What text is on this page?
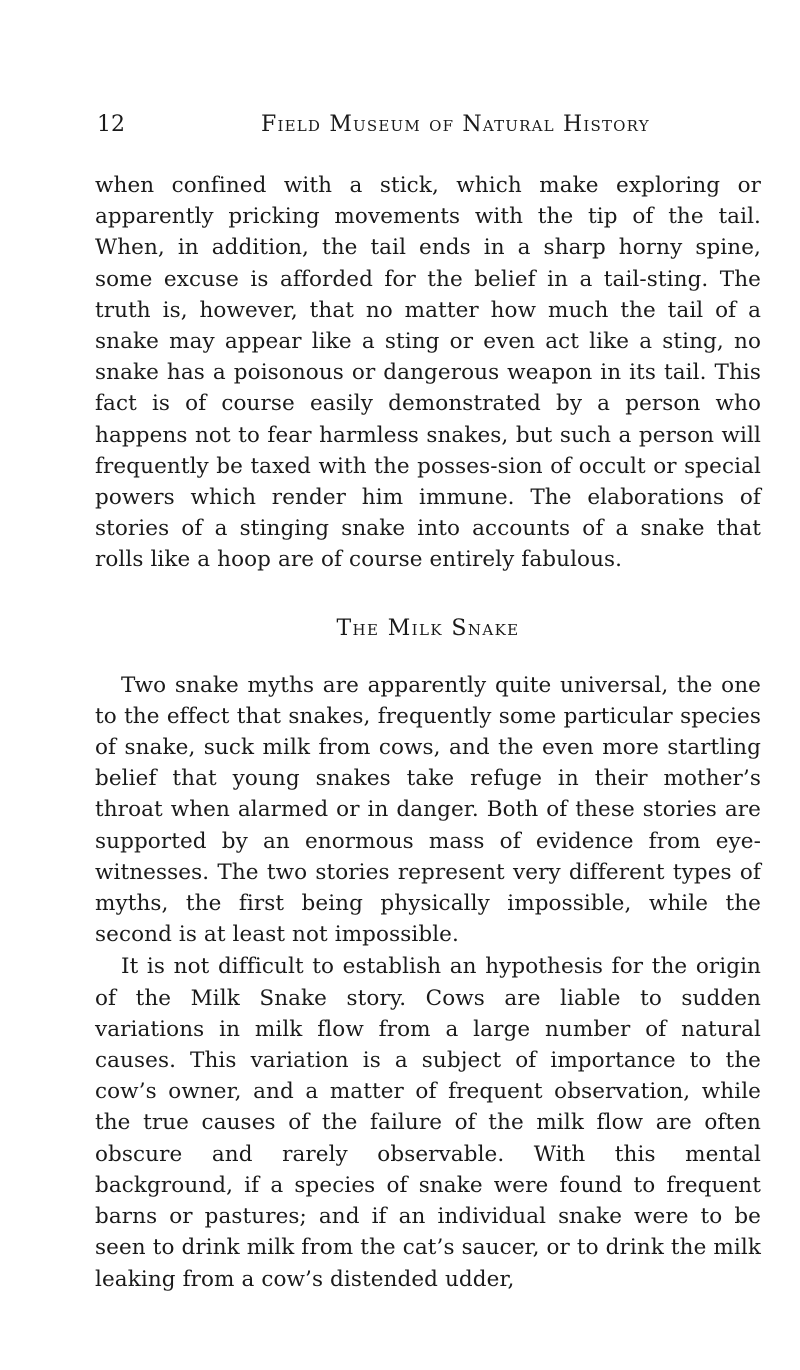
12	Field Museum of Natural History

when confined with a stick, which make exploring or apparently pricking movements with the tip of the tail. When, in addition, the tail ends in a sharp horny spine, some excuse is afforded for the belief in a tail-sting. The truth is, however, that no matter how much the tail of a snake may appear like a sting or even act like a sting, no snake has a poisonous or dangerous weapon in its tail. This fact is of course easily demonstrated by a person who happens not to fear harmless snakes, but such a person will frequently be taxed with the posses-sion of occult or special powers which render him immune. The elaborations of stories of a stinging snake into accounts of a snake that rolls like a hoop are of course entirely fabulous.

The Milk Snake

Two snake myths are apparently quite universal, the one to the effect that snakes, frequently some particular species of snake, suck milk from cows, and the even more startling belief that young snakes take refuge in their mother’s throat when alarmed or in danger. Both of these stories are supported by an enormous mass of evidence from eye-witnesses. The two stories represent very different types of myths, the first being physically impossible, while the second is at least not impossible.

It is not difficult to establish an hypothesis for the origin of the Milk Snake story. Cows are liable to sudden variations in milk flow from a large number of natural causes. This variation is a subject of importance to the cow’s owner, and a matter of frequent observation, while the true causes of the failure of the milk flow are often obscure and rarely observable. With this mental background, if a species of snake were found to frequent barns or pastures; and if an individual snake were to be seen to drink milk from the cat’s saucer, or to drink the milk leaking from a cow’s distended udder,
